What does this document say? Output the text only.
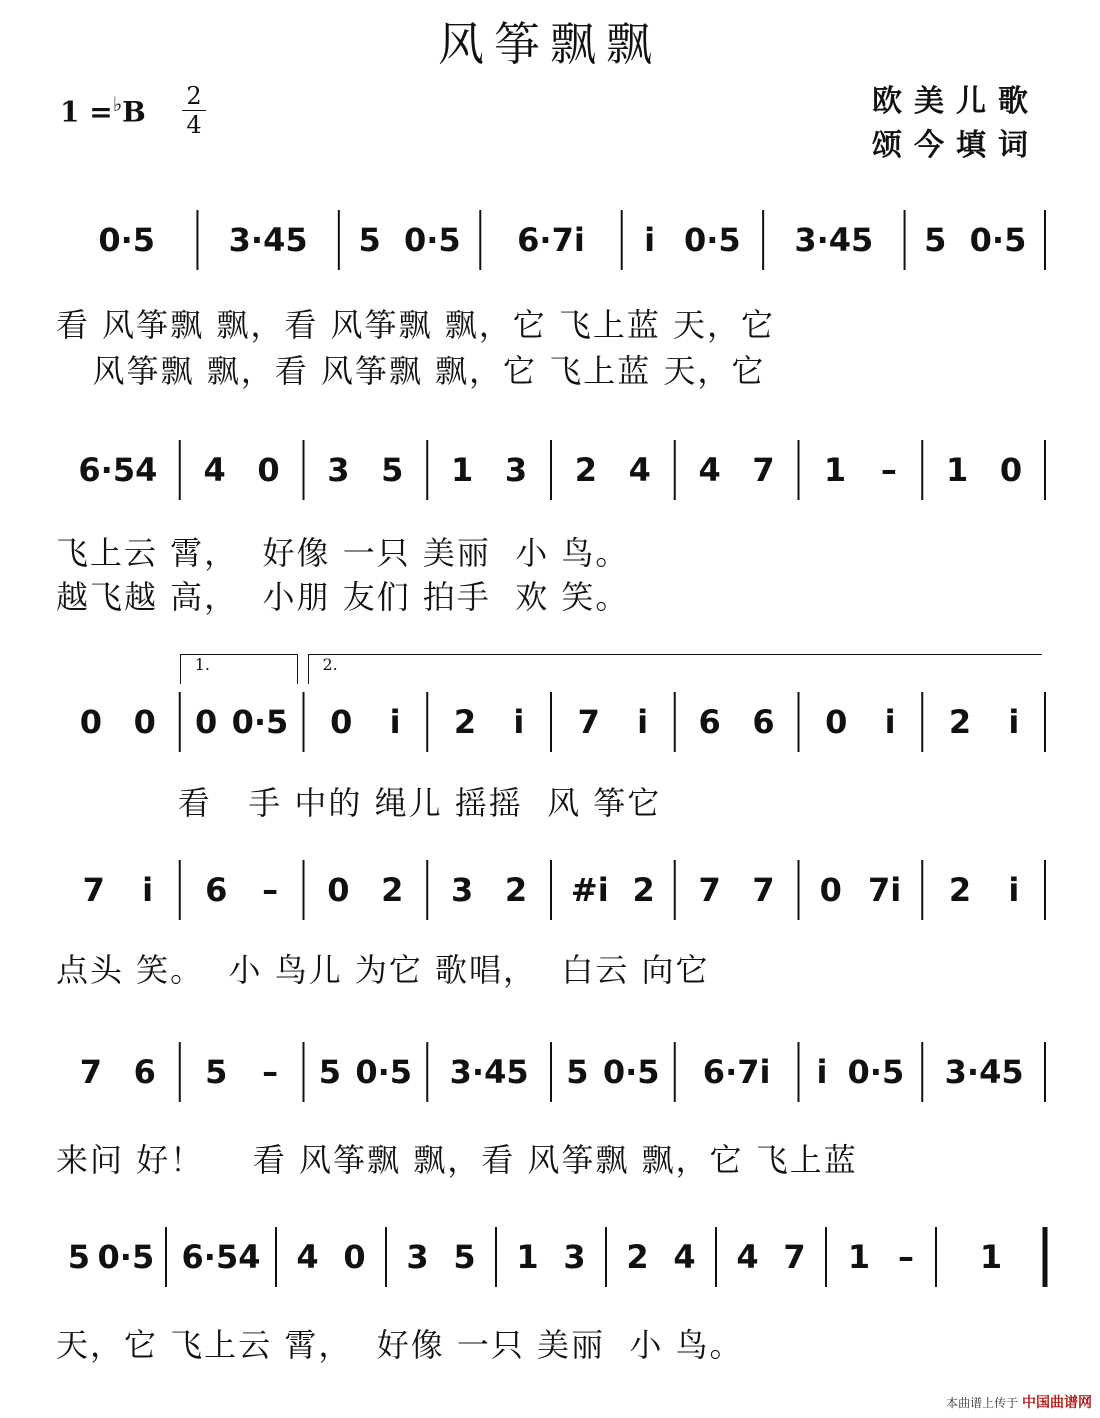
风筝飘飘
1 =♭B 2
4
欧美儿歌
颂今填词
0·5 3·45 5 0·5 6·7i i 0·5 3·45 5 0·5
看 风筝飘 飘，看 风筝飘 飘，它 飞上蓝 天，它
风筝飘 飘，看 风筝飘 飘，它 飞上蓝 天，它
6·54 4 0 3 5 1 3 2 4 4 7 1 – 1 0
飞上云 霄，  好像 一只 美丽  小 鸟。
越飞越 高，  小朋 友们 拍手  欢 笑。
0 0 0 0·5 0 i 2 i 7 i 6 6 0 i 2 i
1.	2.
看   手 中的 绳儿 摇摇  风 筝它
7 i 6 – 0 2 3 2 #i 2 7 7 0 7i 2 i
点头 笑。  小 鸟儿 为它 歌唱，  白云 向它
7 6 5 – 5 0·5 3·45 5 0·5 6·7i i 0·5 3·45
来问 好！    看 风筝飘 飘，看 风筝飘 飘，它 飞上蓝
5 0·5 6·54 4 0 3 5 1 3 2 4 4 7 1 – 1
天，它 飞上云 霄，  好像 一只 美丽  小 鸟。
本曲谱上传于 中国曲谱网
